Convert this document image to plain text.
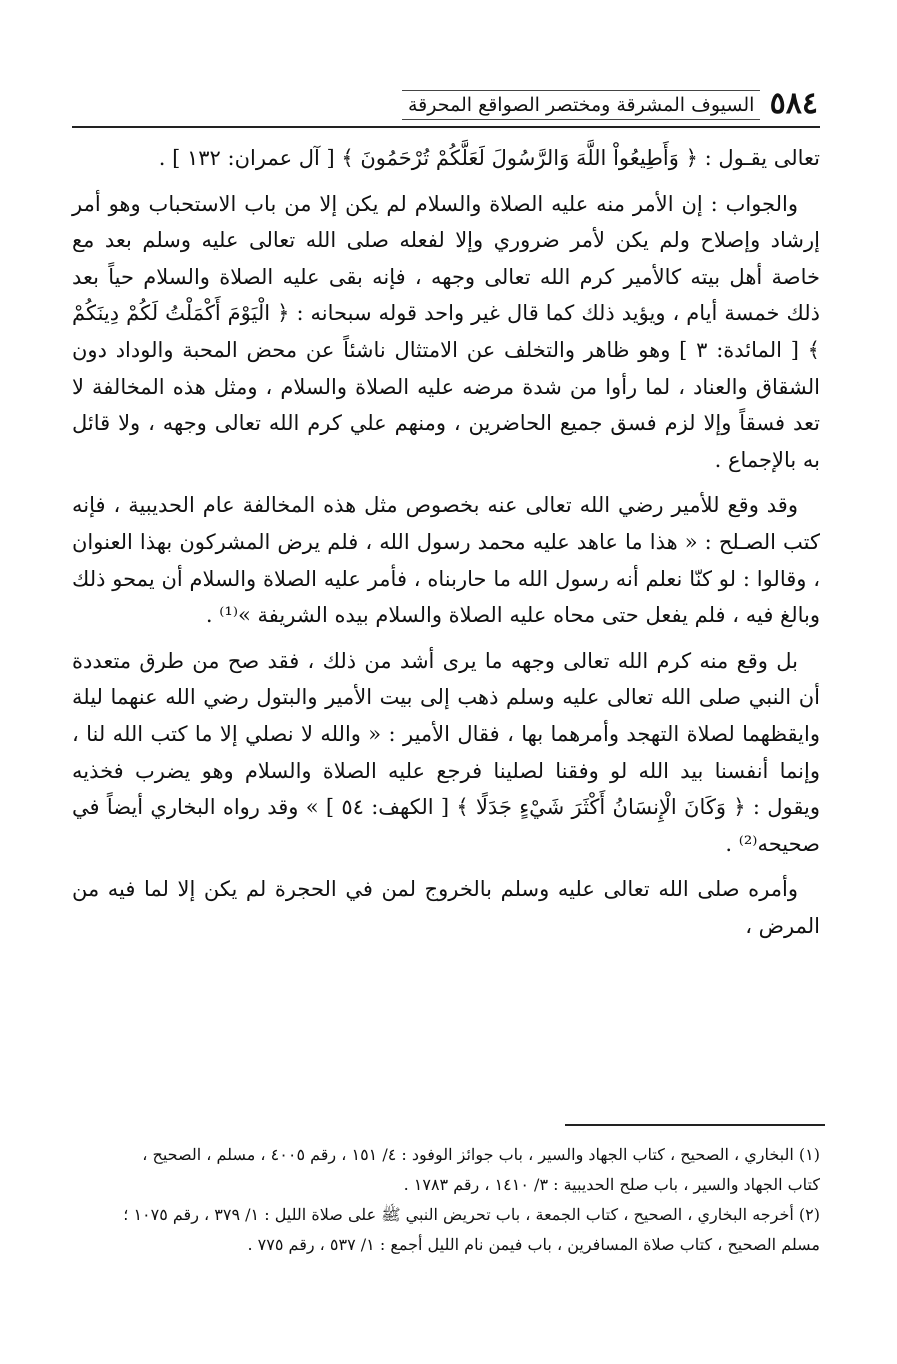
٥٨٤
السيوف المشرقة ومختصر الصواقع المحرقة

تعالى يقـول : ﴿ وَأَطِيعُواْ اللَّهَ وَالرَّسُولَ لَعَلَّكُمْ تُرْحَمُونَ ﴾ [ آل عمران: ١٣٢ ] .

والجواب : إن الأمر منه عليه الصلاة والسلام لم يكن إلا من باب الاستحباب وهو أمر إرشاد وإصلاح ولم يكن لأمر ضروري وإلا لفعله صلى الله تعالى عليه وسلم بعد مع خاصة أهل بيته كالأمير كرم الله تعالى وجهه ، فإنه بقى عليه الصلاة والسلام حياً بعد ذلك خمسة أيام ، ويؤيد ذلك كما قال غير واحد قوله سبحانه : ﴿ الْيَوْمَ أَكْمَلْتُ لَكُمْ دِينَكُمْ ﴾ [ المائدة: ٣ ] وهو ظاهر والتخلف عن الامتثال ناشئاً عن محض المحبة والوداد دون الشقاق والعناد ، لما رأوا من شدة مرضه عليه الصلاة والسلام ، ومثل هذه المخالفة لا تعد فسقاً وإلا لزم فسق جميع الحاضرين ، ومنهم علي كرم الله تعالى وجهه ، ولا قائل به بالإجماع .

وقد وقع للأمير رضي الله تعالى عنه بخصوص مثل هذه المخالفة عام الحديبية ، فإنه كتب الصـلح : « هذا ما عاهد عليه محمد رسول الله ، فلم يرض المشركون بهذا العنوان ، وقالوا : لو كنّا نعلم أنه رسول الله ما حاربناه ، فأمر عليه الصلاة والسلام أن يمحو ذلك وبالغ فيه ، فلم يفعل حتى محاه عليه الصلاة والسلام بيده الشريفة »⁽¹⁾ .

بل وقع منه كرم الله تعالى وجهه ما يرى أشد من ذلك ، فقد صح من طرق متعددة أن النبي صلى الله تعالى عليه وسلم ذهب إلى بيت الأمير والبتول رضي الله عنهما ليلة وايقظهما لصلاة التهجد وأمرهما بها ، فقال الأمير : « والله لا نصلي إلا ما كتب الله لنا ، وإنما أنفسنا بيد الله لو وفقنا لصلينا فرجع عليه الصلاة والسلام وهو يضرب فخذيه ويقول : ﴿ وَكَانَ الْإِنسَانُ أَكْثَرَ شَيْءٍ جَدَلًا ﴾ [ الكهف: ٥٤ ] » وقد رواه البخاري أيضاً في صحيحه⁽²⁾ .

وأمره صلى الله تعالى عليه وسلم بالخروج لمن في الحجرة لم يكن إلا لما فيه من المرض ،

(١) البخاري ، الصحيح ، كتاب الجهاد والسير ، باب جوائز الوفود : ٤/ ١٥١ ، رقم ٤٠٠٥ ، مسلم ، الصحيح ،
كتاب الجهاد والسير ، باب صلح الحديبية : ٣/ ١٤١٠ ، رقم ١٧٨٣ .

(٢) أخرجه البخاري ، الصحيح ، كتاب الجمعة ، باب تحريض النبي ﷺ على صلاة الليل : ١/ ٣٧٩ ، رقم ١٠٧٥ ؛
مسلم الصحيح ، كتاب صلاة المسافرين ، باب فيمن نام الليل أجمع : ١/ ٥٣٧ ، رقم ٧٧٥ .
